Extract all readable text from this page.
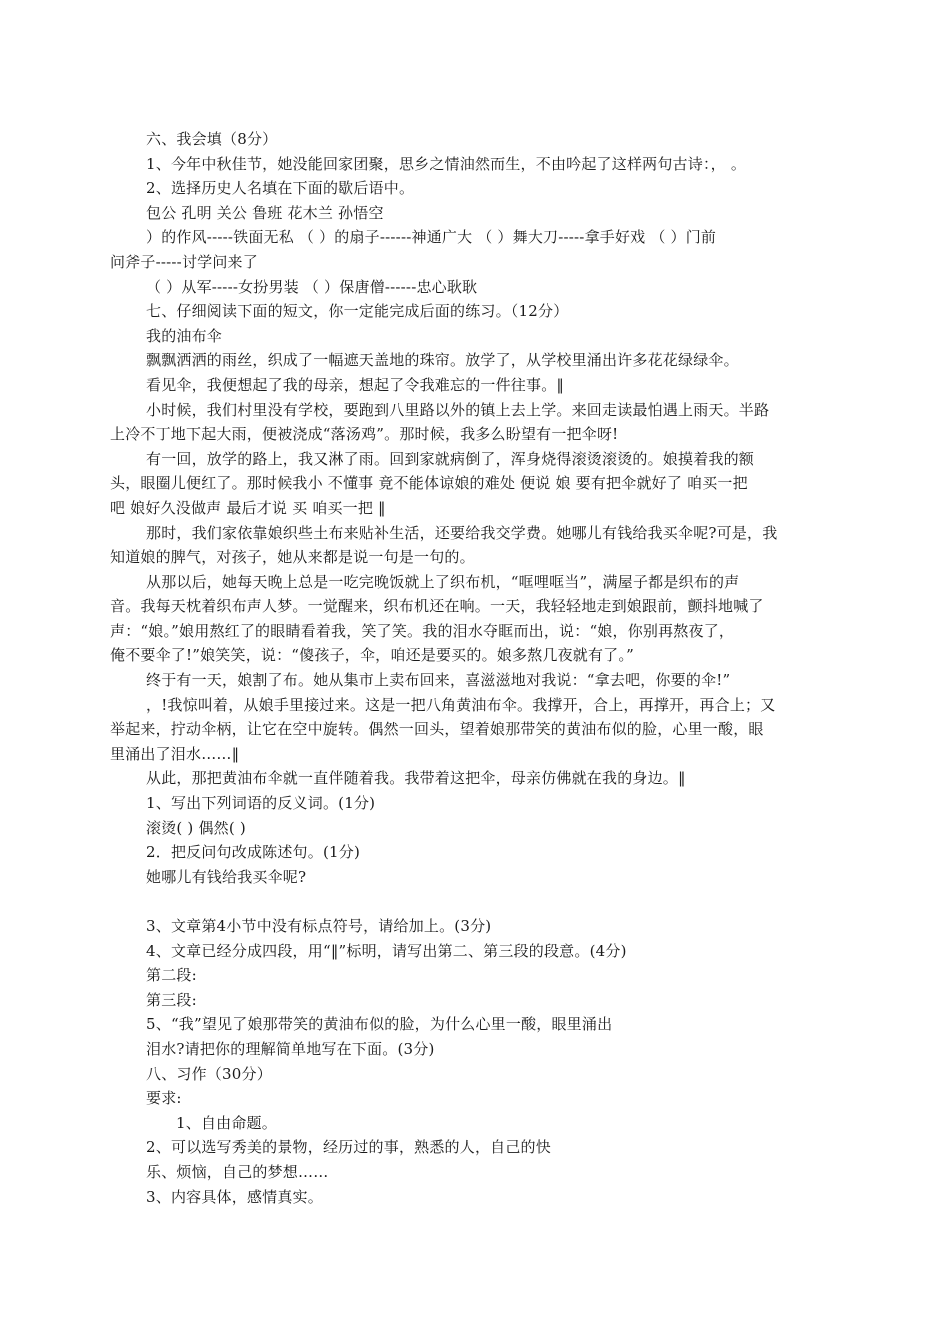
六、我会填（8分）
1、今年中秋佳节，她没能回家团聚，思乡之情油然而生，不由吟起了这样两句古诗：， 。
2、选择历史人名填在下面的歇后语中。
包公 孔明 关公 鲁班 花木兰 孙悟空
）的作风-----铁面无私 （ ）的扇子------神通广大 （ ）舞大刀-----拿手好戏 （ ）门前
问斧子-----讨学问来了
（ ）从军-----女扮男装 （ ）保唐僧------忠心耿耿
七、仔细阅读下面的短文，你一定能完成后面的练习。（12分）
我的油布伞
飘飘洒洒的雨丝，织成了一幅遮天盖地的珠帘。放学了，从学校里涌出许多花花绿绿伞。
看见伞，我便想起了我的母亲，想起了令我难忘的一件往事。‖
小时候，我们村里没有学校，要跑到八里路以外的镇上去上学。来回走读最怕遇上雨天。半路
上冷不丁地下起大雨，便被浇成“落汤鸡”。那时候，我多么盼望有一把伞呀!
有一回，放学的路上，我又淋了雨。回到家就病倒了，浑身烧得滚烫滚烫的。娘摸着我的额
头，眼圈儿便红了。那时候我小 不懂事 竟不能体谅娘的难处 便说 娘 要有把伞就好了 咱买一把
吧 娘好久没做声 最后才说 买 咱买一把 ‖
那时，我们家依靠娘织些土布来贴补生活，还要给我交学费。她哪儿有钱给我买伞呢?可是，我
知道娘的脾气，对孩子，她从来都是说一句是一句的。
从那以后，她每天晚上总是一吃完晚饭就上了织布机，“哐哩哐当”，满屋子都是织布的声
音。我每天枕着织布声人梦。一觉醒来，织布机还在响。一天，我轻轻地走到娘跟前，颤抖地喊了
声：“娘。”娘用熬红了的眼睛看着我，笑了笑。我的泪水夺眶而出，说：“娘，你别再熬夜了，
俺不要伞了!”娘笑笑，说：“傻孩子，伞，咱还是要买的。娘多熬几夜就有了。”
终于有一天，娘割了布。她从集市上卖布回来，喜滋滋地对我说：“拿去吧，你要的伞!”
，!我惊叫着，从娘手里接过来。这是一把八角黄油布伞。我撑开，合上，再撑开，再合上；又
举起来，拧动伞柄，让它在空中旋转。偶然一回头，望着娘那带笑的黄油布似的脸，心里一酸，眼
里涌出了泪水……‖
从此，那把黄油布伞就一直伴随着我。我带着这把伞，母亲仿佛就在我的身边。‖
1、写出下列词语的反义词。(1分)
滚烫( ) 偶然( )
2．把反问句改成陈述句。(1分)
她哪儿有钱给我买伞呢?
3、文章第4小节中没有标点符号，请给加上。(3分)
4、文章已经分成四段，用“‖”标明，请写出第二、第三段的段意。(4分)
第二段:
第三段:
5、“我”望见了娘那带笑的黄油布似的脸，为什么心里一酸，眼里涌出
泪水?请把你的理解简单地写在下面。(3分)
八、习作（30分）
要求:
1、自由命题。
2、可以选写秀美的景物，经历过的事，熟悉的人，自己的快
乐、烦恼，自己的梦想……
3、内容具体，感情真实。
